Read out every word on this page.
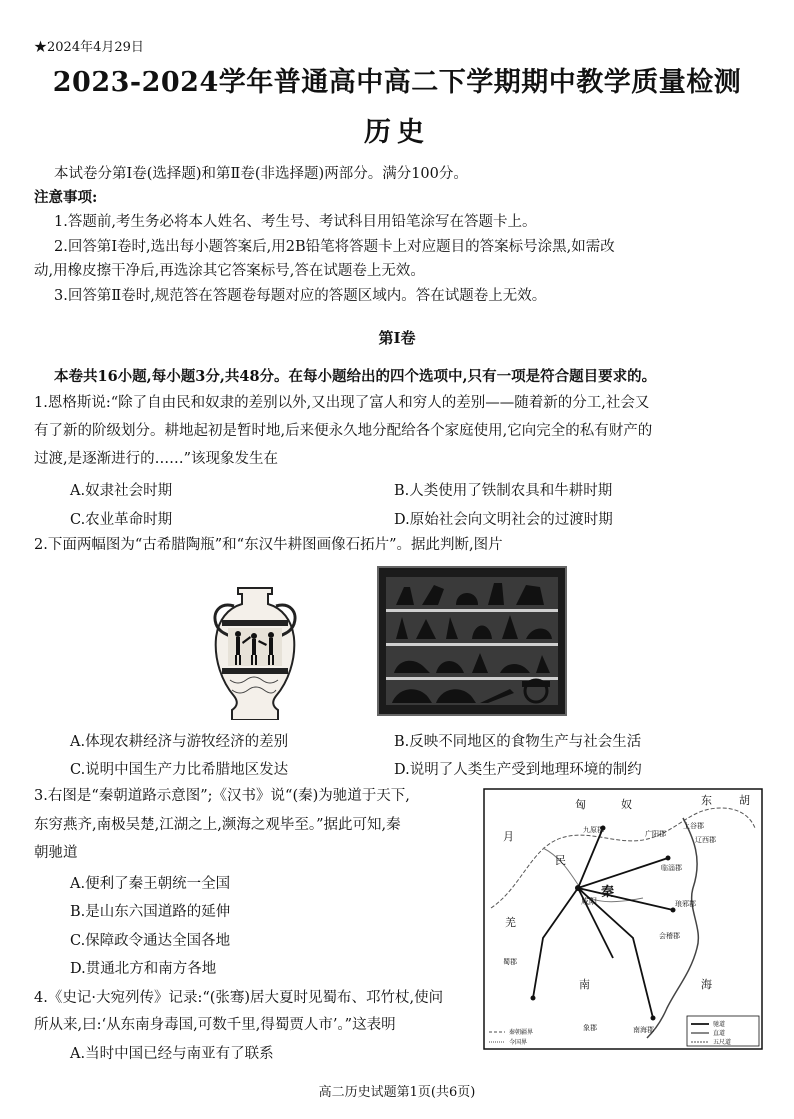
★2024年4月29日
2023-2024学年普通高中高二下学期期中教学质量检测
历史
本试卷分第Ⅰ卷(选择题)和第Ⅱ卷(非选择题)两部分。满分100分。
注意事项:
1.答题前,考生务必将本人姓名、考生号、考试科目用铅笔涂写在答题卡上。
2.回答第Ⅰ卷时,选出每小题答案后,用2B铅笔将答题卡上对应题目的答案标号涂黑,如需改
动,用橡皮擦干净后,再选涂其它答案标号,答在试题卷上无效。
3.回答第Ⅱ卷时,规范答在答题卷每题对应的答题区域内。答在试题卷上无效。
第Ⅰ卷
本卷共16小题,每小题3分,共48分。在每小题给出的四个选项中,只有一项是符合题目要求的。
1.恩格斯说:“除了自由民和奴隶的差别以外,又出现了富人和穷人的差别——随着新的分工,社会又
有了新的阶级划分。耕地起初是暂时地,后来便永久地分配给各个家庭使用,它向完全的私有财产的
过渡,是逐渐进行的……”该现象发生在
A.奴隶社会时期	B.人类使用了铁制农具和牛耕时期
C.农业革命时期	D.原始社会向文明社会的过渡时期
2.下面两幅图为“古希腊陶瓶”和“东汉牛耕图画像石拓片”。据此判断,图片
A.体现农耕经济与游牧经济的差别	B.反映不同地区的食物生产与社会生活
C.说明中国生产力比希腊地区发达	D.说明了人类生产受到地理环境的制约
3.右图是“秦朝道路示意图”;《汉书》说“(秦)为驰道于天下,
东穷燕齐,南极吴楚,江湖之上,濒海之观毕至。”据此可知,秦
朝驰道
A.便利了秦王朝统一全国
B.是山东六国道路的延伸
C.保障政令通达全国各地
D.贯通北方和南方各地
匈	奴	东 胡
月
民
羌
秦
南
九原郡
广阳郡
上谷郡
辽西郡
临淄郡
咸阳
蜀郡
琅邪郡
会稽郡
南海郡
象郡
海
驰道
直道
五尺道
秦朝疆界
今国界
4.《史记·大宛列传》记录:“(张骞)居大夏时见蜀布、邛竹杖,使问
所从来,曰:‘从东南身毒国,可数千里,得蜀贾人市’。”这表明
A.当时中国已经与南亚有了联系
高二历史试题第1页(共6页)
